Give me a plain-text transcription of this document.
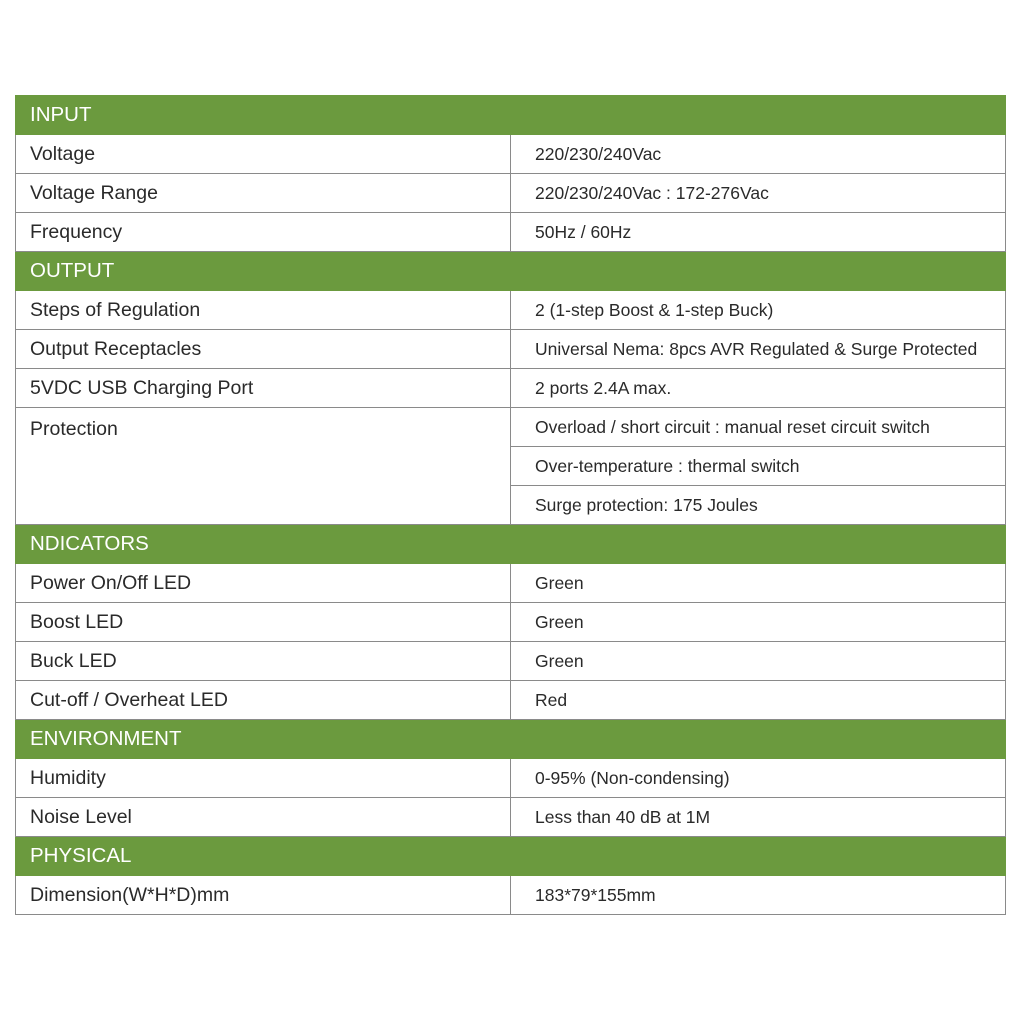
INPUT	
Voltage	220/230/240Vac
Voltage Range	220/230/240Vac : 172-276Vac
Frequency	50Hz / 60Hz
OUTPUT	
Steps of Regulation	2 (1-step Boost & 1-step Buck)
Output Receptacles	Universal Nema: 8pcs AVR Regulated & Surge Protected
5VDC USB Charging Port	2 ports 2.4A max.
Protection	Overload / short circuit : manual reset circuit switch
	Over-temperature : thermal switch
	Surge protection: 175 Joules
NDICATORS	
Power On/Off LED	Green
Boost LED	Green
Buck LED	Green
Cut-off / Overheat LED	Red
ENVIRONMENT	
Humidity	0-95% (Non-condensing)
Noise Level	Less than 40 dB at 1M
PHYSICAL	
Dimension(W*H*D)mm	183*79*155mm
